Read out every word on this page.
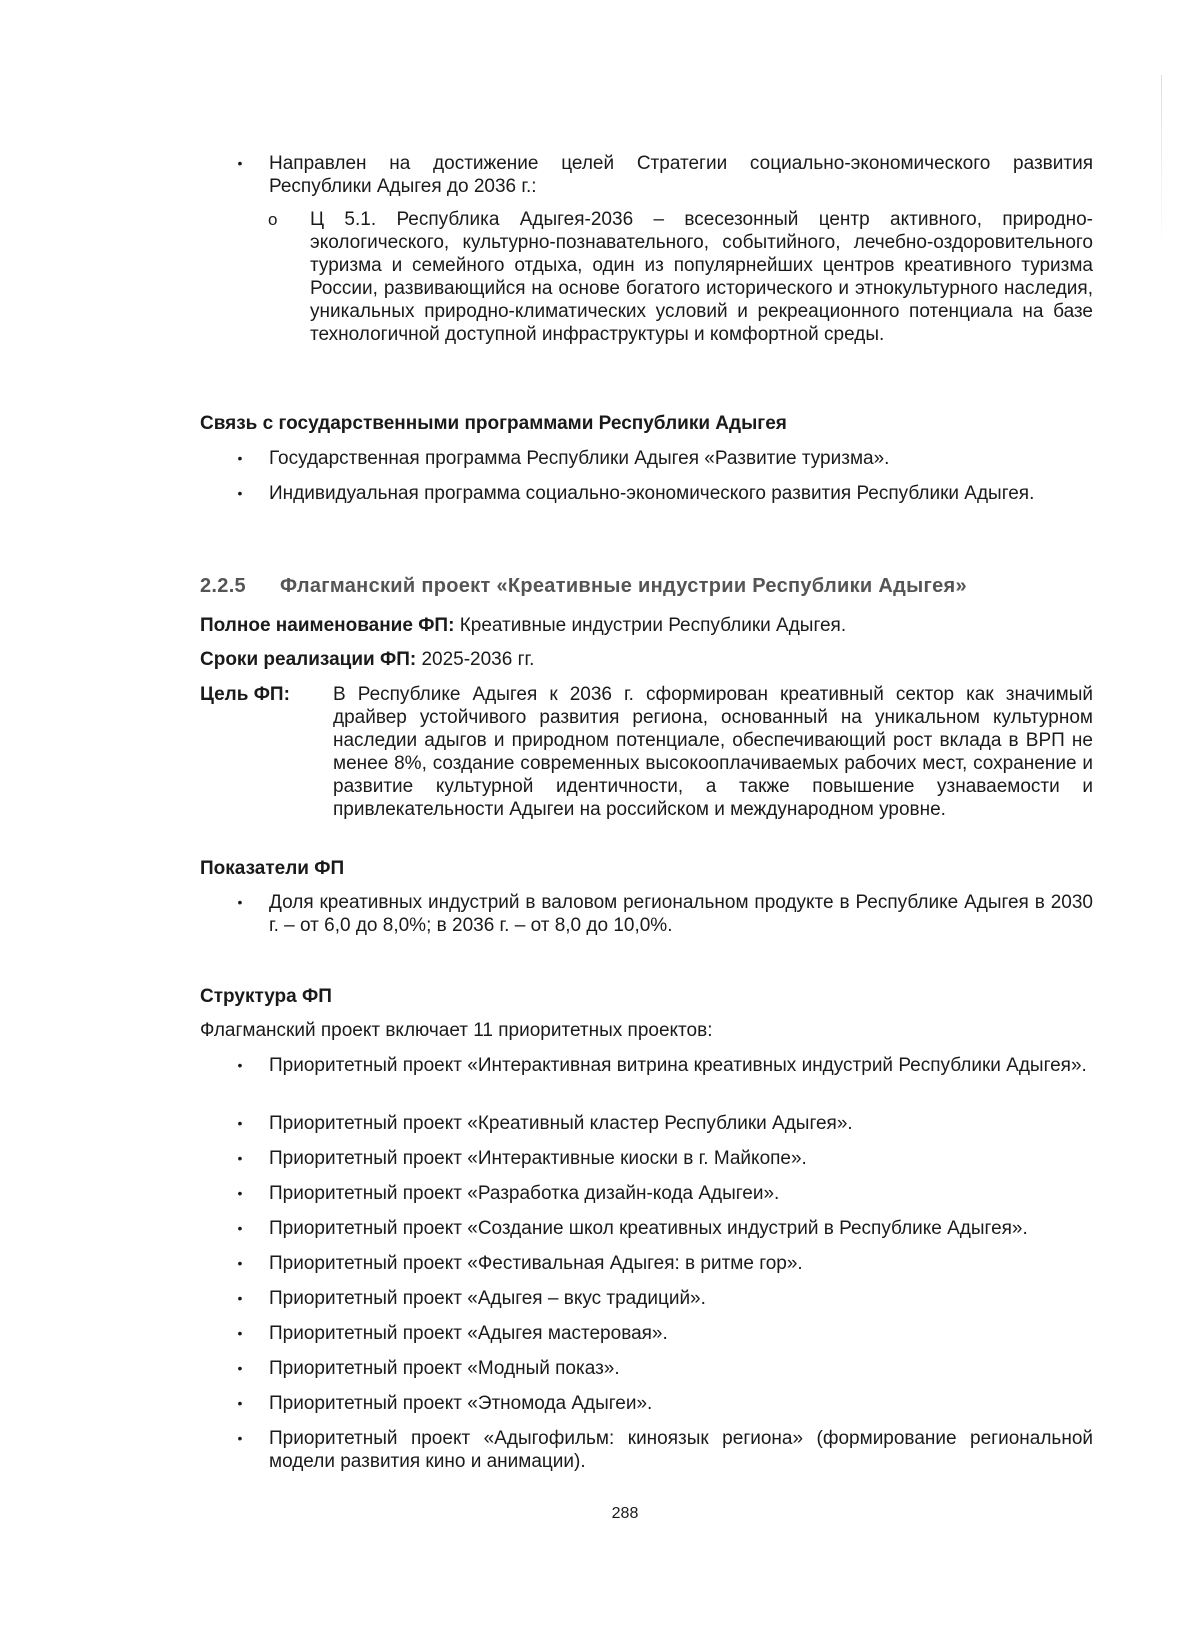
• Направлен на достижение целей Стратегии социально-экономического развития Республики Адыгея до 2036 г.:
o Ц 5.1. Республика Адыгея-2036 – всесезонный центр активного, природно-экологического, культурно-познавательного, событийного, лечебно-оздоровительного туризма и семейного отдыха, один из популярнейших центров креативного туризма России, развивающийся на основе богатого исторического и этнокультурного наследия, уникальных природно-климатических условий и рекреационного потенциала на базе технологичной доступной инфраструктуры и комфортной среды.
Связь с государственными программами Республики Адыгея
• Государственная программа Республики Адыгея «Развитие туризма».
• Индивидуальная программа социально-экономического развития Республики Адыгея.
2.2.5 Флагманский проект «Креативные индустрии Республики Адыгея»
Полное наименование ФП: Креативные индустрии Республики Адыгея.
Сроки реализации ФП: 2025-2036 гг.
Цель ФП: В Республике Адыгея к 2036 г. сформирован креативный сектор как значимый драйвер устойчивого развития региона, основанный на уникальном культурном наследии адыгов и природном потенциале, обеспечивающий рост вклада в ВРП не менее 8%, создание современных высокооплачиваемых рабочих мест, сохранение и развитие культурной идентичности, а также повышение узнаваемости и привлекательности Адыгеи на российском и международном уровне.
Показатели ФП
• Доля креативных индустрий в валовом региональном продукте в Республике Адыгея в 2030 г. – от 6,0 до 8,0%; в 2036 г. – от 8,0 до 10,0%.
Структура ФП
Флагманский проект включает 11 приоритетных проектов:
• Приоритетный проект «Интерактивная витрина креативных индустрий Республики Адыгея».
• Приоритетный проект «Креативный кластер Республики Адыгея».
• Приоритетный проект «Интерактивные киоски в г. Майкопе».
• Приоритетный проект «Разработка дизайн-кода Адыгеи».
• Приоритетный проект «Создание школ креативных индустрий в Республике Адыгея».
• Приоритетный проект «Фестивальная Адыгея: в ритме гор».
• Приоритетный проект «Адыгея – вкус традиций».
• Приоритетный проект «Адыгея мастеровая».
• Приоритетный проект «Модный показ».
• Приоритетный проект «Этномода Адыгеи».
• Приоритетный проект «Адыгофильм: киноязык региона» (формирование региональной модели развития кино и анимации).
288
